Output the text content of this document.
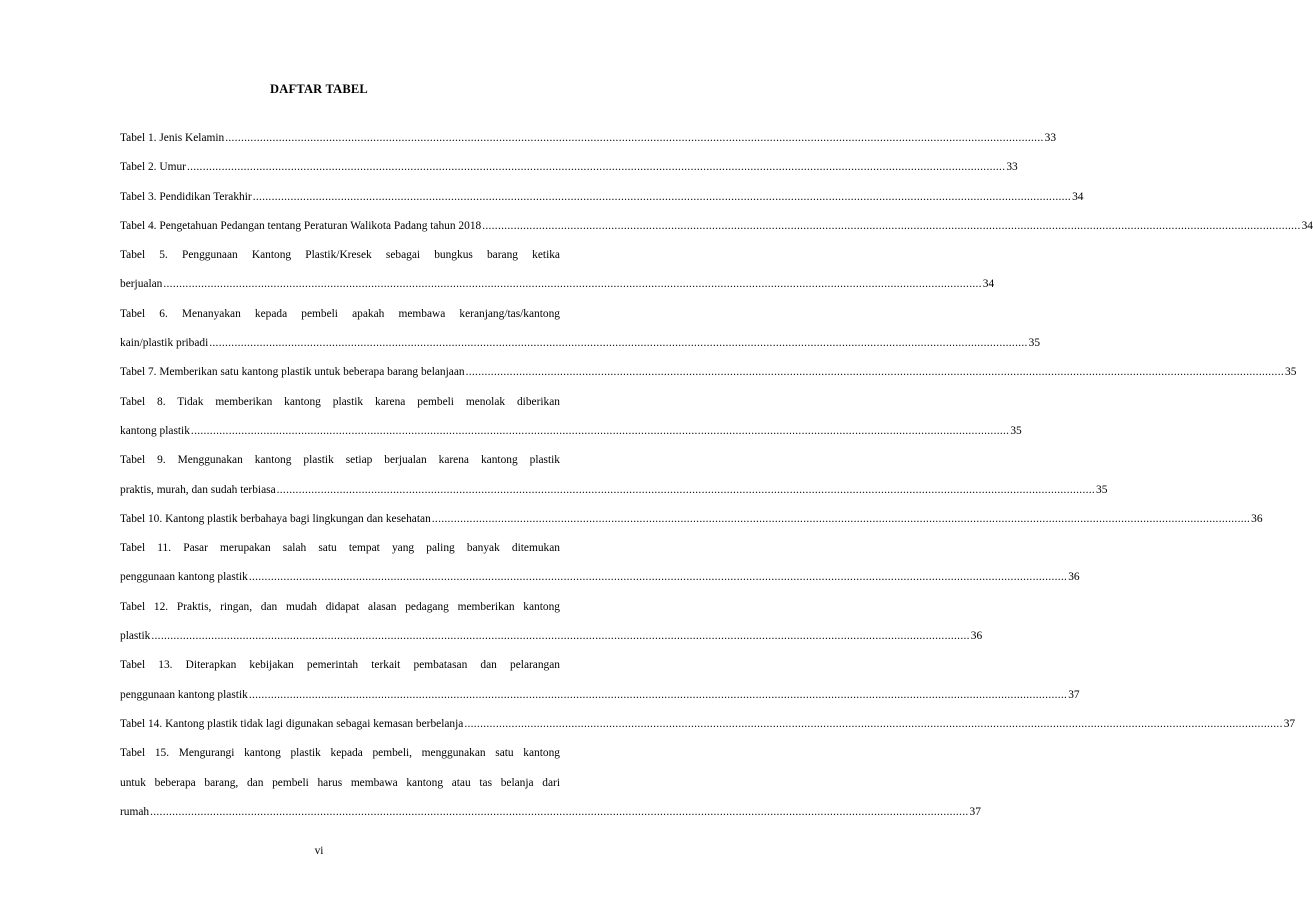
DAFTAR TABEL
Tabel 1. Jenis Kelamin .................................................................................................................................................................................................................................................................... 33
Tabel 2. Umur .................................................................................................................................................................................................................................................................... 33
Tabel 3. Pendidikan Terakhir .................................................................................................................................................................................................................................................................... 34
Tabel 4. Pengetahuan Pedangan tentang Peraturan Walikota Padang tahun 2018 .................................................................................................................................................................................................................................................................... 34
Tabel 5. Penggunaan Kantong Plastik/Kresek sebagai bungkus barang ketika
berjualan .................................................................................................................................................................................................................................................................... 34
Tabel 6. Menanyakan kepada pembeli apakah membawa keranjang/tas/kantong
kain/plastik pribadi .................................................................................................................................................................................................................................................................... 35
Tabel 7. Memberikan satu kantong plastik untuk beberapa barang belanjaan .................................................................................................................................................................................................................................................................... 35
Tabel 8. Tidak memberikan kantong plastik karena pembeli menolak diberikan
kantong plastik .................................................................................................................................................................................................................................................................... 35
Tabel 9. Menggunakan kantong plastik setiap berjualan karena kantong plastik
praktis, murah, dan sudah terbiasa .................................................................................................................................................................................................................................................................... 35
Tabel 10. Kantong plastik berbahaya bagi lingkungan dan kesehatan .................................................................................................................................................................................................................................................................... 36
Tabel 11. Pasar merupakan salah satu tempat yang paling banyak ditemukan
penggunaan kantong plastik .................................................................................................................................................................................................................................................................... 36
Tabel 12. Praktis, ringan, dan mudah didapat alasan pedagang memberikan kantong
plastik .................................................................................................................................................................................................................................................................... 36
Tabel 13. Diterapkan kebijakan pemerintah terkait pembatasan dan pelarangan
penggunaan kantong plastik .................................................................................................................................................................................................................................................................... 37
Tabel 14. Kantong plastik tidak lagi digunakan sebagai kemasan berbelanja .................................................................................................................................................................................................................................................................... 37
Tabel 15. Mengurangi kantong plastik kepada pembeli, menggunakan satu kantong
untuk beberapa barang, dan pembeli harus membawa kantong atau tas belanja dari
rumah .................................................................................................................................................................................................................................................................... 37
vi
